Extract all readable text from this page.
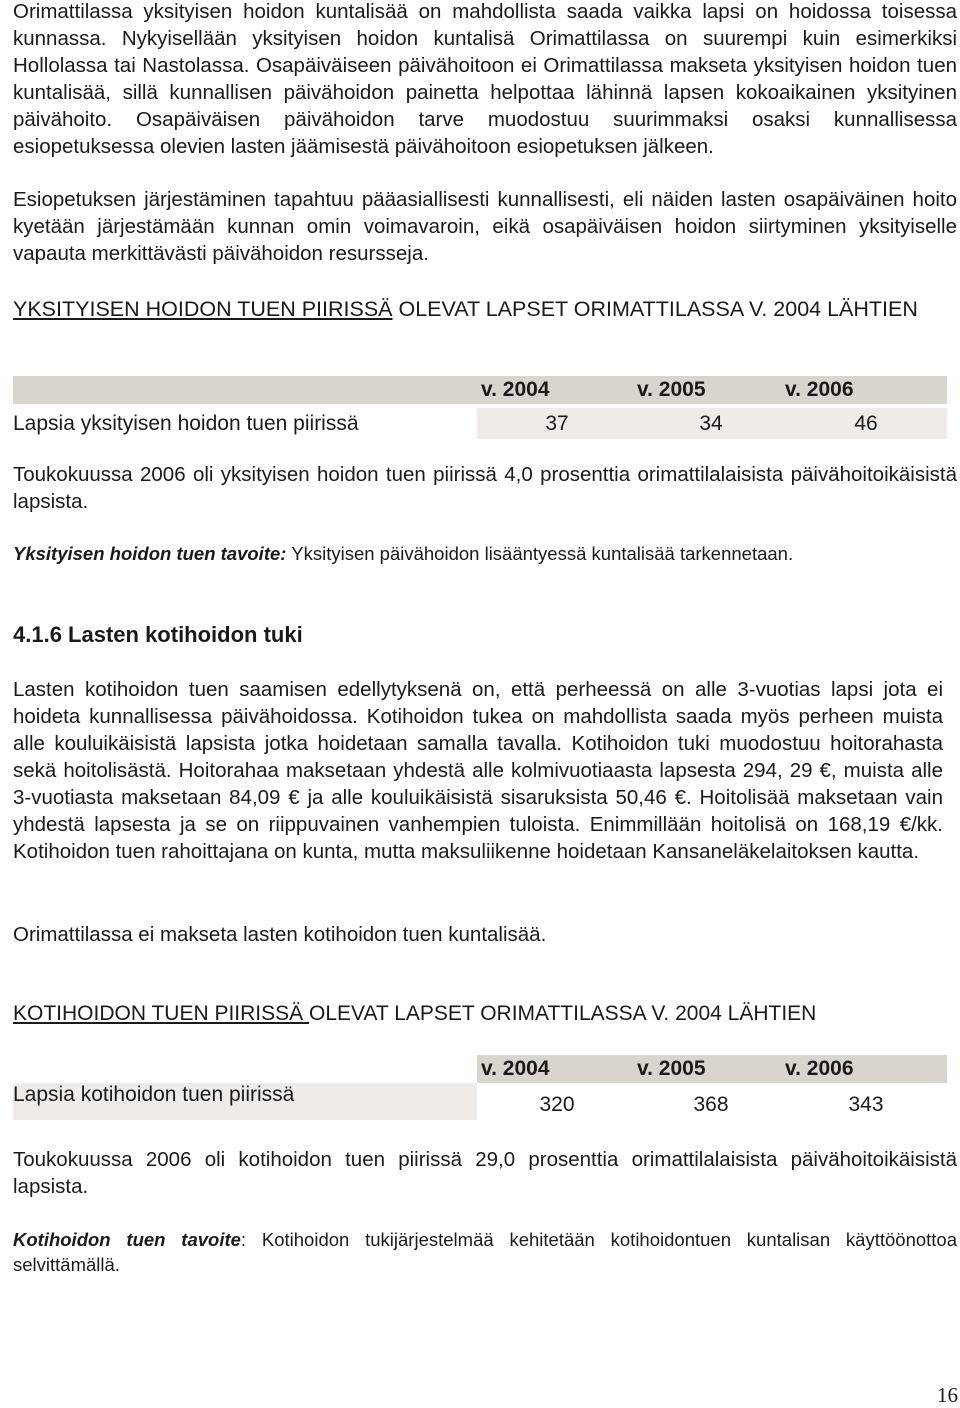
Orimattilassa yksityisen hoidon kuntalisää on mahdollista saada vaikka lapsi on hoidossa toisessa kunnassa. Nykyisellään yksityisen hoidon kuntalisä Orimattilassa on suurempi kuin esimerkiksi Hollolassa tai Nastolassa. Osapäiväiseen päivähoitoon ei Orimattilassa makseta yksityisen hoidon tuen kuntalisää, sillä kunnallisen päivähoidon painetta helpottaa lähinnä lapsen kokoaikainen yksityinen päivähoito. Osapäiväisen päivähoidon tarve muodostuu suurimmaksi osaksi kunnallisessa esiopetuksessa olevien lasten jäämisestä päivähoitoon esiopetuksen jälkeen.

Esiopetuksen järjestäminen tapahtuu pääasiallisesti kunnallisesti, eli näiden lasten osapäiväinen hoito kyetään järjestämään kunnan omin voimavaroin, eikä osapäiväisen hoidon siirtyminen yksityiselle vapauta merkittävästi päivähoidon resursseja.

YKSITYISEN HOIDON TUEN PIIRISSÄ OLEVAT LAPSET ORIMATTILASSA V. 2004 LÄHTIEN
	v. 2004	v. 2005	v. 2006

Lapsia yksityisen hoidon tuen piirissä	37	34	46

Toukokuussa 2006 oli yksityisen hoidon tuen piirissä 4,0 prosenttia orimattilalaisista päivähoitoikäisistä lapsista.

Yksityisen hoidon tuen tavoite: Yksityisen päivähoidon lisääntyessä kuntalisää tarkennetaan.

4.1.6 Lasten kotihoidon tuki

Lasten kotihoidon tuen saamisen edellytyksenä on, että perheessä on alle 3-vuotias lapsi jota ei hoideta kunnallisessa päivähoidossa. Kotihoidon tukea on mahdollista saada myös perheen muista alle kouluikäisistä lapsista jotka hoidetaan samalla tavalla. Kotihoidon tuki muodostuu hoitorahasta sekä hoitolisästä. Hoitorahaa maksetaan yhdestä alle kolmivuotiaasta lapsesta 294, 29 €, muista alle 3-vuotiasta maksetaan 84,09 € ja alle kouluikäisistä sisaruksista 50,46 €. Hoitolisää maksetaan vain yhdestä lapsesta ja se on riippuvainen vanhempien tuloista. Enimmillään hoitolisä on 168,19 €/kk. Kotihoidon tuen rahoittajana on kunta, mutta maksuliikenne hoidetaan Kansaneläkelaitoksen kautta.

Orimattilassa ei makseta lasten kotihoidon tuen kuntalisää.

KOTIHOIDON TUEN PIIRISSÄ OLEVAT LAPSET ORIMATTILASSA V. 2004 LÄHTIEN
	v. 2004	v. 2005	v. 2006
Lapsia kotihoidon tuen piirissä	320	368	343

Toukokuussa 2006 oli kotihoidon tuen piirissä 29,0 prosenttia orimattilalaisista päivähoitoikäisistä lapsista.

Kotihoidon tuen tavoite: Kotihoidon tukijärjestelmää kehitetään kotihoidontuen kuntalisan käyttöönottoa selvittämällä.

16
